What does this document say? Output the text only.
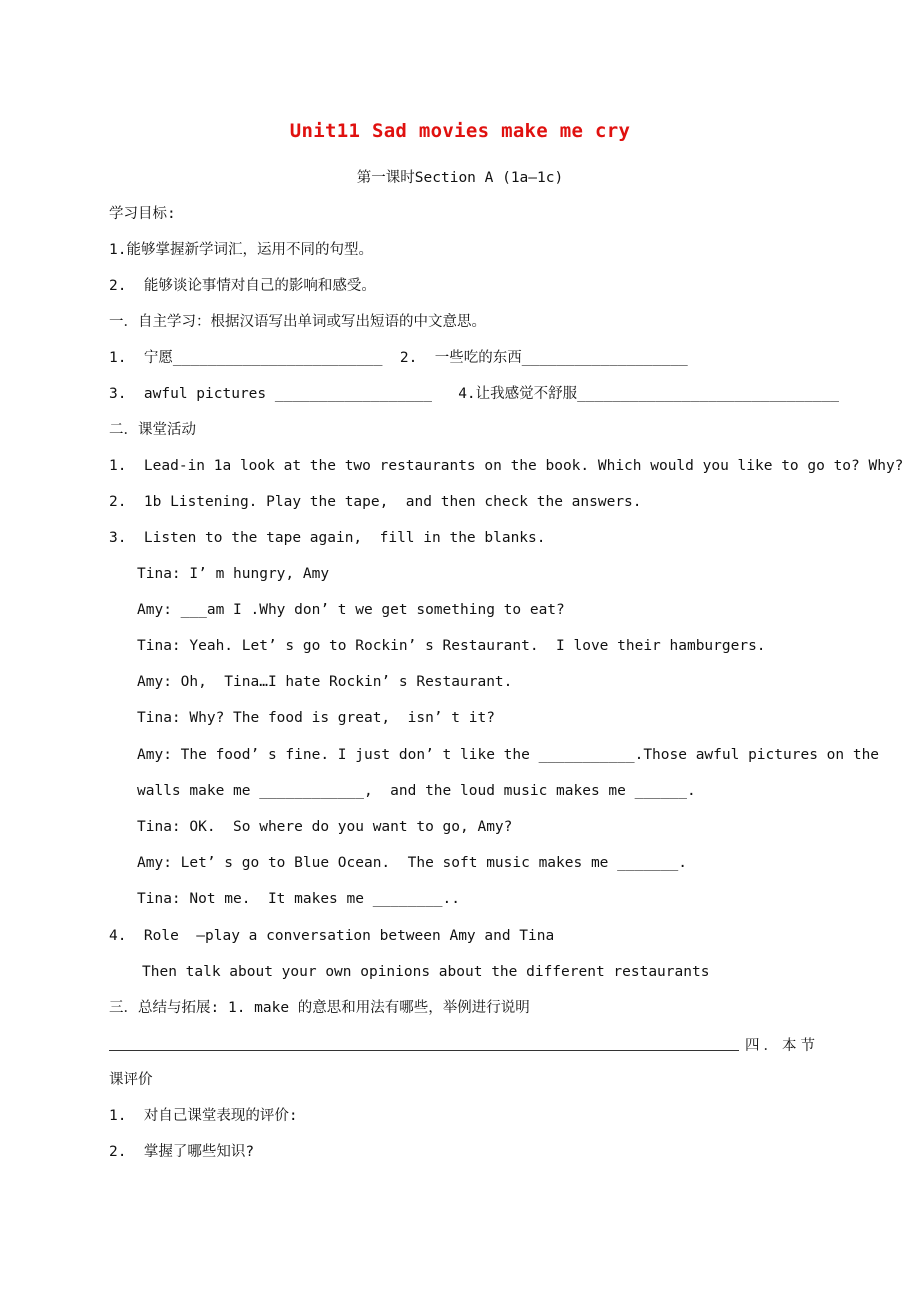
Unit11 Sad movies make me cry
第一课时Section A (1a—1c)
学习目标:
1.能够掌握新学词汇，运用不同的句型。
2.  能够谈论事情对自己的影响和感受。
一．自主学习：根据汉语写出单词或写出短语的中文意思。
1.  宁愿________________________  2.  一些吃的东西___________________
3.  awful pictures __________________   4.让我感觉不舒服______________________________
二．课堂活动
1.  Lead-in 1a look at the two restaurants on the book. Which would you like to go to? Why?
2.  1b Listening. Play the tape,  and then check the answers.
3.  Listen to the tape again,  fill in the blanks.
Tina: I’ m hungry, Amy
Amy: ___am I .Why don’ t we get something to eat?
Tina: Yeah. Let’ s go to Rockin’ s Restaurant.  I love their hamburgers.
Amy: Oh,  Tina…I hate Rockin’ s Restaurant.
Tina: Why? The food is great,  isn’ t it?
Amy: The food’ s fine. I just don’ t like the ___________.Those awful pictures on the
walls make me ____________,  and the loud music makes me ______.
Tina: OK.  So where do you want to go, Amy?
Amy: Let’ s go to Blue Ocean.  The soft music makes me _______.
Tina: Not me.  It makes me ________..
4.  Role  –play a conversation between Amy and Tina
Then talk about your own opinions about the different restaurants
三．总结与拓展: 1. make 的意思和用法有哪些，举例进行说明
四．本节
课评价
1.  对自己课堂表现的评价:
2.  掌握了哪些知识?
